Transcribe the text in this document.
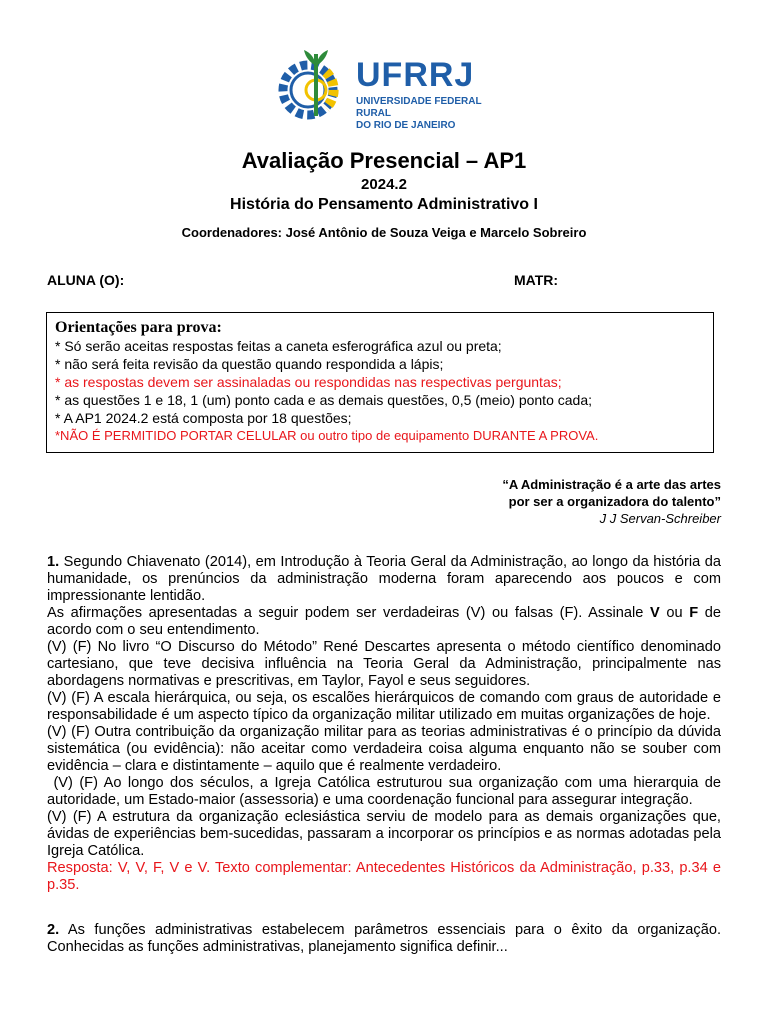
UFRRJ
UNIVERSIDADE FEDERAL RURAL
DO RIO DE JANEIRO
Avaliação Presencial – AP1
2024.2
História do Pensamento Administrativo I
Coordenadores: José Antônio de Souza Veiga e Marcelo Sobreiro
ALUNA (O):	MATR:
Orientações para prova:
* Só serão aceitas respostas feitas a caneta esferográfica azul ou preta;
* não será feita revisão da questão quando respondida a lápis;
* as respostas devem ser assinaladas ou respondidas nas respectivas perguntas;
* as questões 1 e 18, 1 (um) ponto cada e as demais questões, 0,5 (meio) ponto cada;
* A AP1 2024.2 está composta por 18 questões;
*NÃO É PERMITIDO PORTAR CELULAR ou outro tipo de equipamento DURANTE A PROVA.
“A Administração é a arte das artes
por ser a organizadora do talento”
J J Servan-Schreiber

1. Segundo Chiavenato (2014), em Introdução à Teoria Geral da Administração, ao longo da história da humanidade, os prenúncios da administração moderna foram aparecendo aos poucos e com impressionante lentidão.

As afirmações apresentadas a seguir podem ser verdadeiras (V) ou falsas (F). Assinale V ou F de acordo com o seu entendimento.

(V) (F) No livro “O Discurso do Método” René Descartes apresenta o método científico denominado cartesiano, que teve decisiva influência na Teoria Geral da Administração, principalmente nas abordagens normativas e prescritivas, em Taylor, Fayol e seus seguidores.

(V) (F) A escala hierárquica, ou seja, os escalões hierárquicos de comando com graus de autoridade e responsabilidade é um aspecto típico da organização militar utilizado em muitas organizações de hoje.

(V) (F) Outra contribuição da organização militar para as teorias administrativas é o princípio da dúvida sistemática (ou evidência): não aceitar como verdadeira coisa alguma enquanto não se souber com evidência – clara e distintamente – aquilo que é realmente verdadeiro.

(V) (F) Ao longo dos séculos, a Igreja Católica estruturou sua organização com uma hierarquia de autoridade, um Estado-maior (assessoria) e uma coordenação funcional para assegurar integração.

(V) (F) A estrutura da organização eclesiástica serviu de modelo para as demais organizações que, ávidas de experiências bem-sucedidas, passaram a incorporar os princípios e as normas adotadas pela Igreja Católica.

Resposta: V, V, F, V e V. Texto complementar: Antecedentes Históricos da Administração, p.33, p.34 e p.35.

2. As funções administrativas estabelecem parâmetros essenciais para o êxito da organização. Conhecidas as funções administrativas, planejamento significa definir...
